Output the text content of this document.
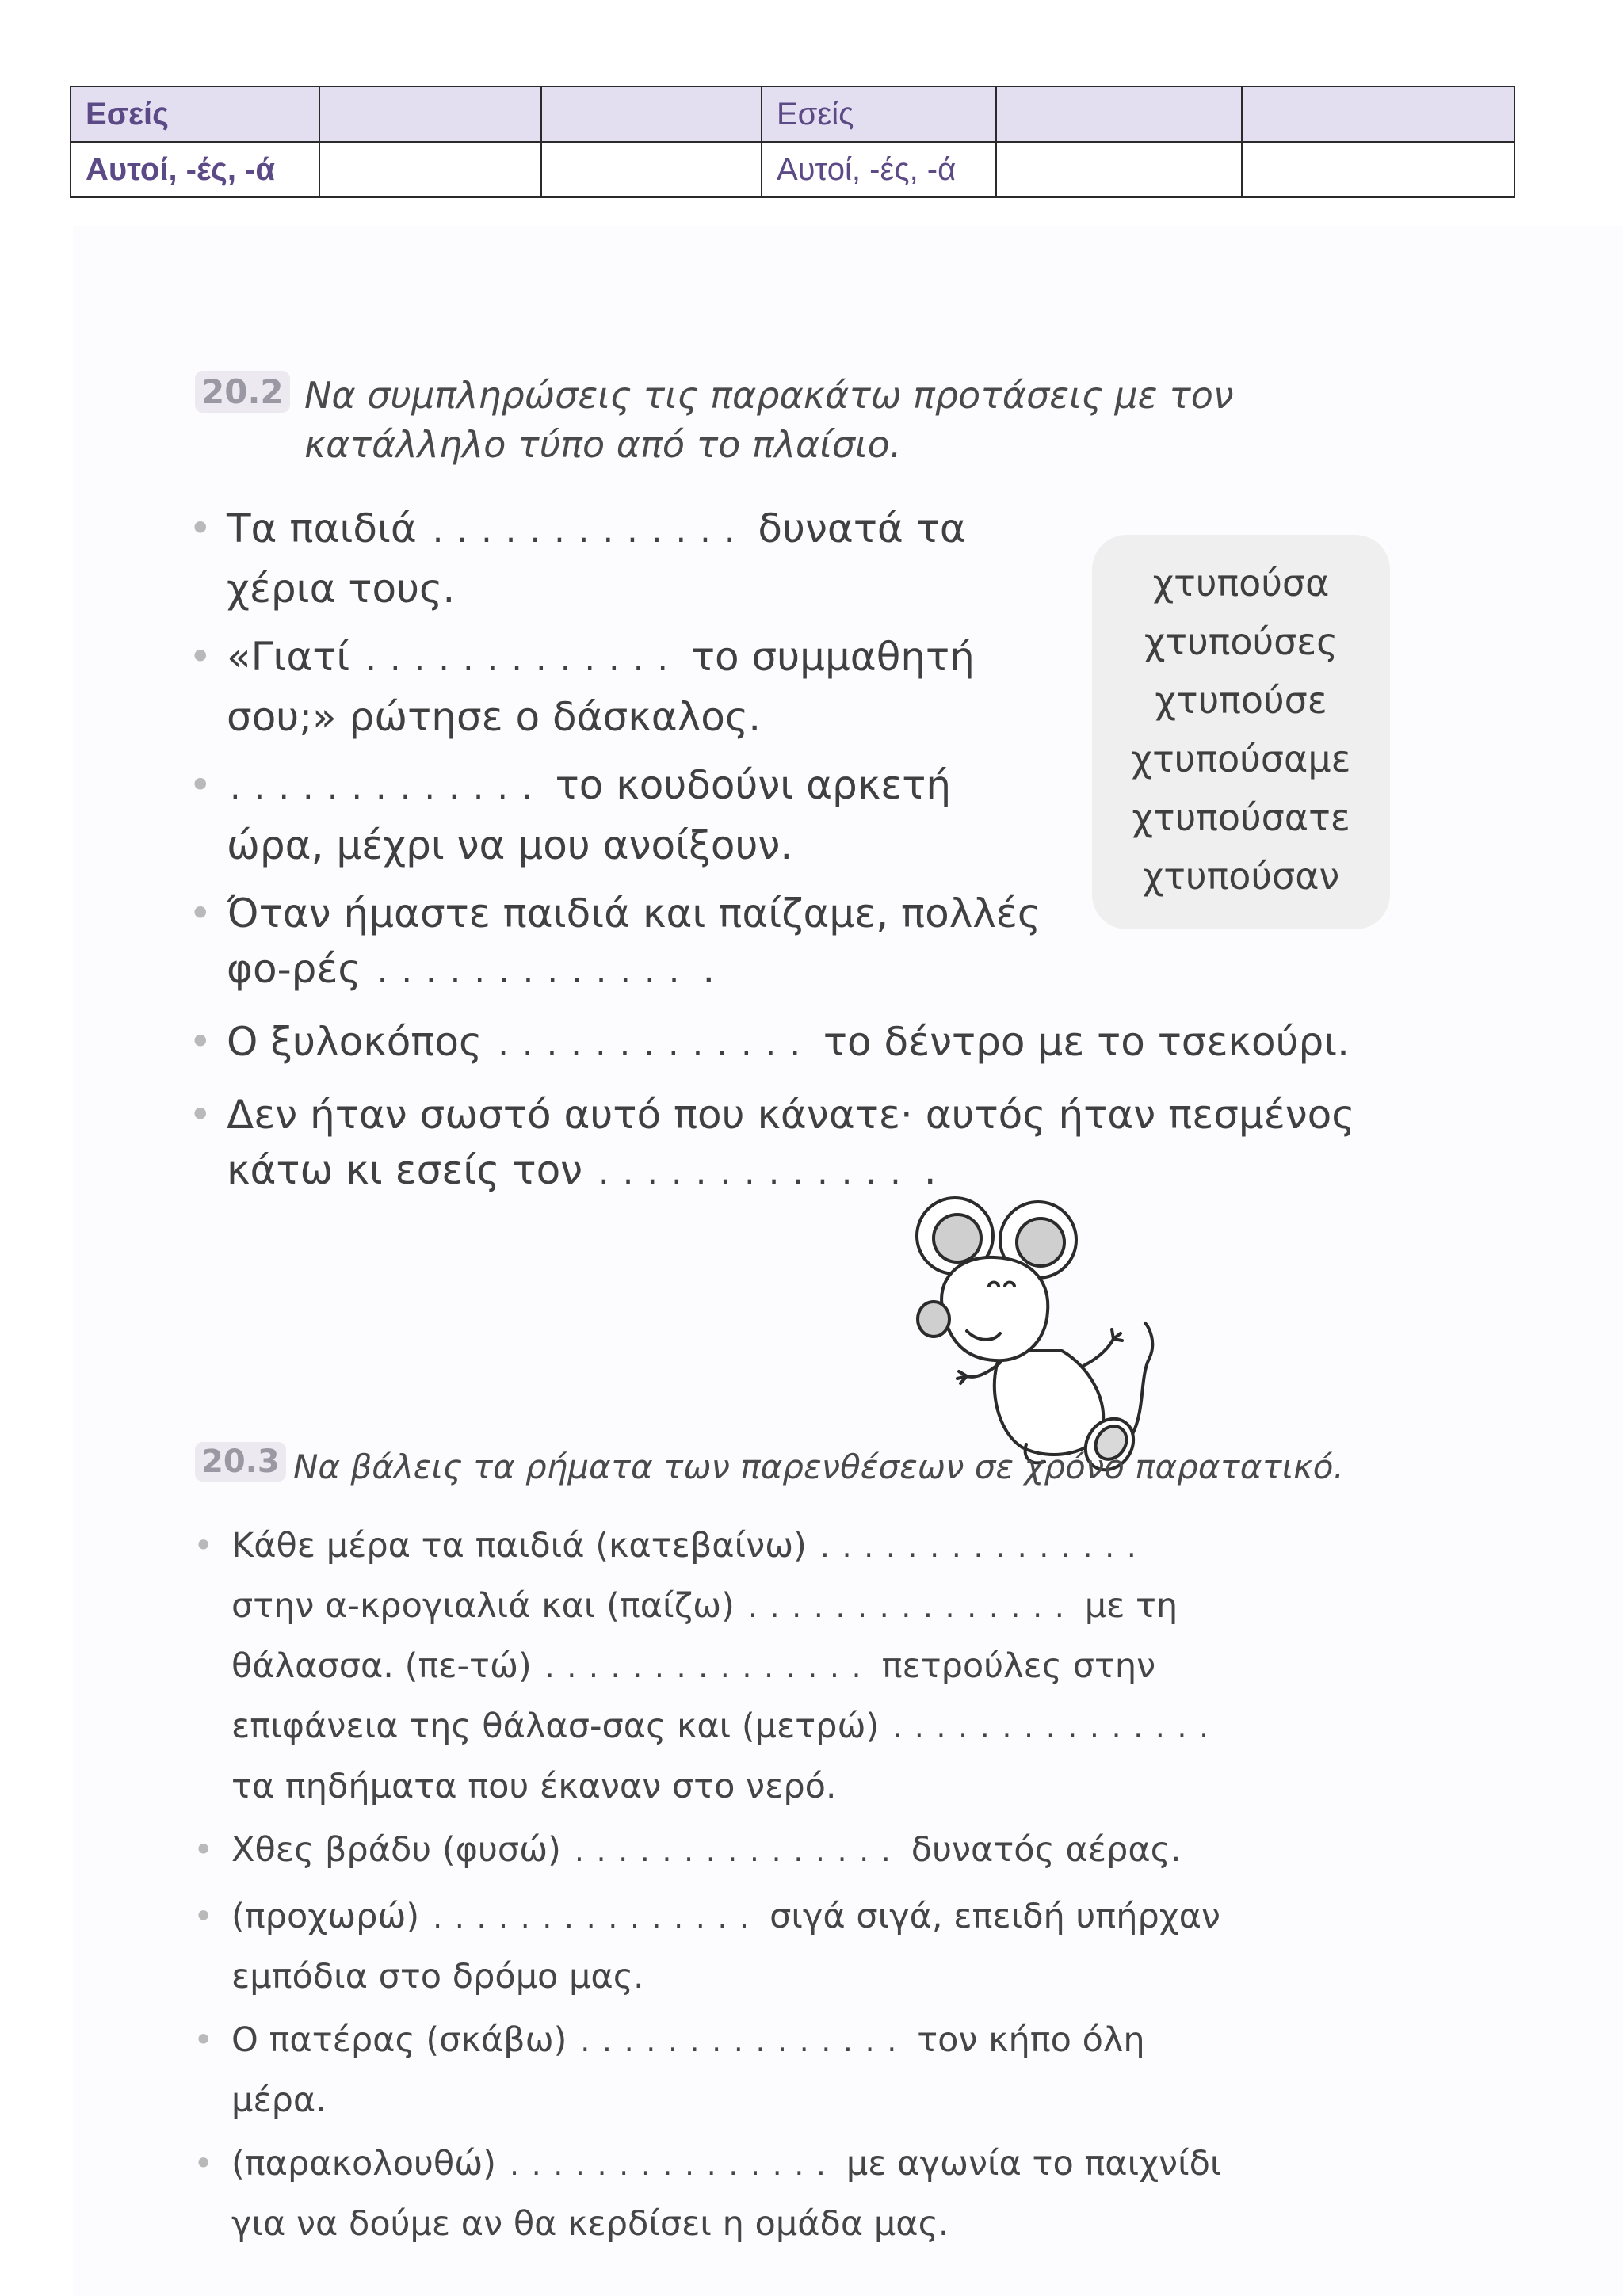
Εσείς			Εσείς		
Αυτοί, -ές, -ά			Αυτοί, -ές, -ά		
20.2 Να συμπληρώσεις τις παρακάτω προτάσεις με τον κατάλληλο τύπο από το πλαίσιο.
• Τα παιδιά ............. δυνατά τα χέρια τους.
• «Γιατί ............. το συμμαθητή σου;» ρώτησε ο δάσκαλος.
• ............. το κουδούνι αρκετή ώρα, μέχρι να μου ανοίξουν.
• Όταν ήμαστε παιδιά και παίζαμε, πολλές φο-ρές ............. .
• Ο ξυλοκόπος ............. το δέντρο με το τσεκούρι.
• Δεν ήταν σωστό αυτό που κάνατε· αυτός ήταν πεσμένος κάτω κι εσείς τον ............. .
χτυπούσα
χτυπούσες
χτυπούσε
χτυπούσαμε
χτυπούσατε
χτυπούσαν
20.3 Να βάλεις τα ρήματα των παρενθέσεων σε χρόνο παρατατικό.
• Κάθε μέρα τα παιδιά (κατεβαίνω) ............... στην α-κρογιαλιά και (παίζω) ............... με τη θάλασσα. (πε-τώ) ............... πετρούλες στην επιφάνεια της θάλασ-σας και (μετρώ) ............... τα πηδήματα που έκαναν στο νερό.
• Χθες βράδυ (φυσώ) ............... δυνατός αέρας.
• (προχωρώ) ............... σιγά σιγά, επειδή υπήρχαν εμπόδια στο δρόμο μας.
• Ο πατέρας (σκάβω) ............... τον κήπο όλη μέρα.
• (παρακολουθώ) ............... με αγωνία το παιχνίδι για να δούμε αν θα κερδίσει η ομάδα μας.
